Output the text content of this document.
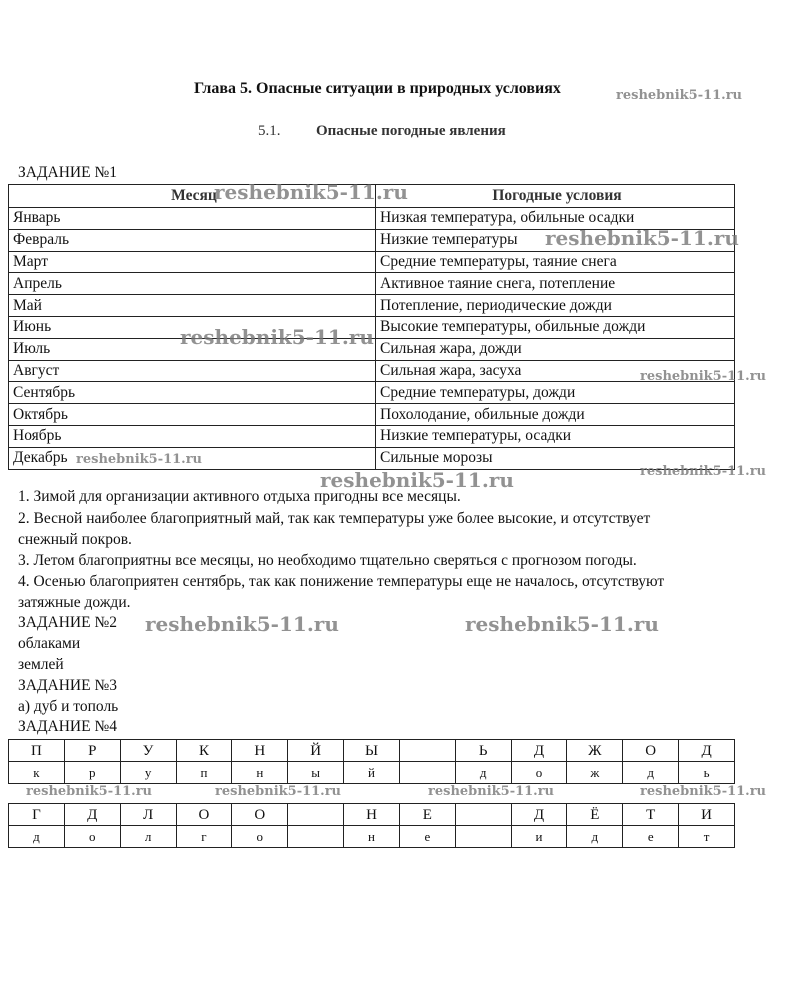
Глава 5. Опасные ситуации в природных условиях
5.1. Опасные погодные явления
ЗАДАНИЕ №1
Месяц	Погодные условия
Январь	Низкая температура, обильные осадки
Февраль	Низкие температуры
Март	Средние температуры, таяние снега
Апрель	Активное таяние снега, потепление
Май	Потепление, периодические дожди
Июнь	Высокие температуры, обильные дожди
Июль	Сильная жара, дожди
Август	Сильная жара, засуха
Сентябрь	Средние температуры, дожди
Октябрь	Похолодание, обильные дожди
Ноябрь	Низкие температуры, осадки
Декабрь	Сильные морозы
1. Зимой для организации активного отдыха пригодны все месяцы.
2. Весной наиболее благоприятный май, так как температуры уже более высокие, и отсутствует
снежный покров.
3. Летом благоприятны все месяцы, но необходимо тщательно сверяться с прогнозом погоды.
4. Осенью благоприятен сентябрь, так как понижение температуры еще не началось, отсутствуют
затяжные дожди.
ЗАДАНИЕ №2
облаками
землей
ЗАДАНИЕ №3
а) дуб и тополь
ЗАДАНИЕ №4
П	Р	У	К	Н	Й	Ы		Ь	Д	Ж	О	Д
к	р	у	п	н	ы	й		д	о	ж	д	ь
Г	Д	Л	О	О		Н	Е		Д	Ё	Т	И
д	о	л	г	о		н	е		и	д	е	т
reshebnik5-11.ru
reshebnik5-11.ru
reshebnik5-11.ru
reshebnik5-11.ru
reshebnik5-11.ru
reshebnik5-11.ru
reshebnik5-11.ru	reshebnik5-11.ru
reshebnik5-11.ru	reshebnik5-11.ru
reshebnik5-11.ru	reshebnik5-11.ru	reshebnik5-11.ru	reshebnik5-11.ru
